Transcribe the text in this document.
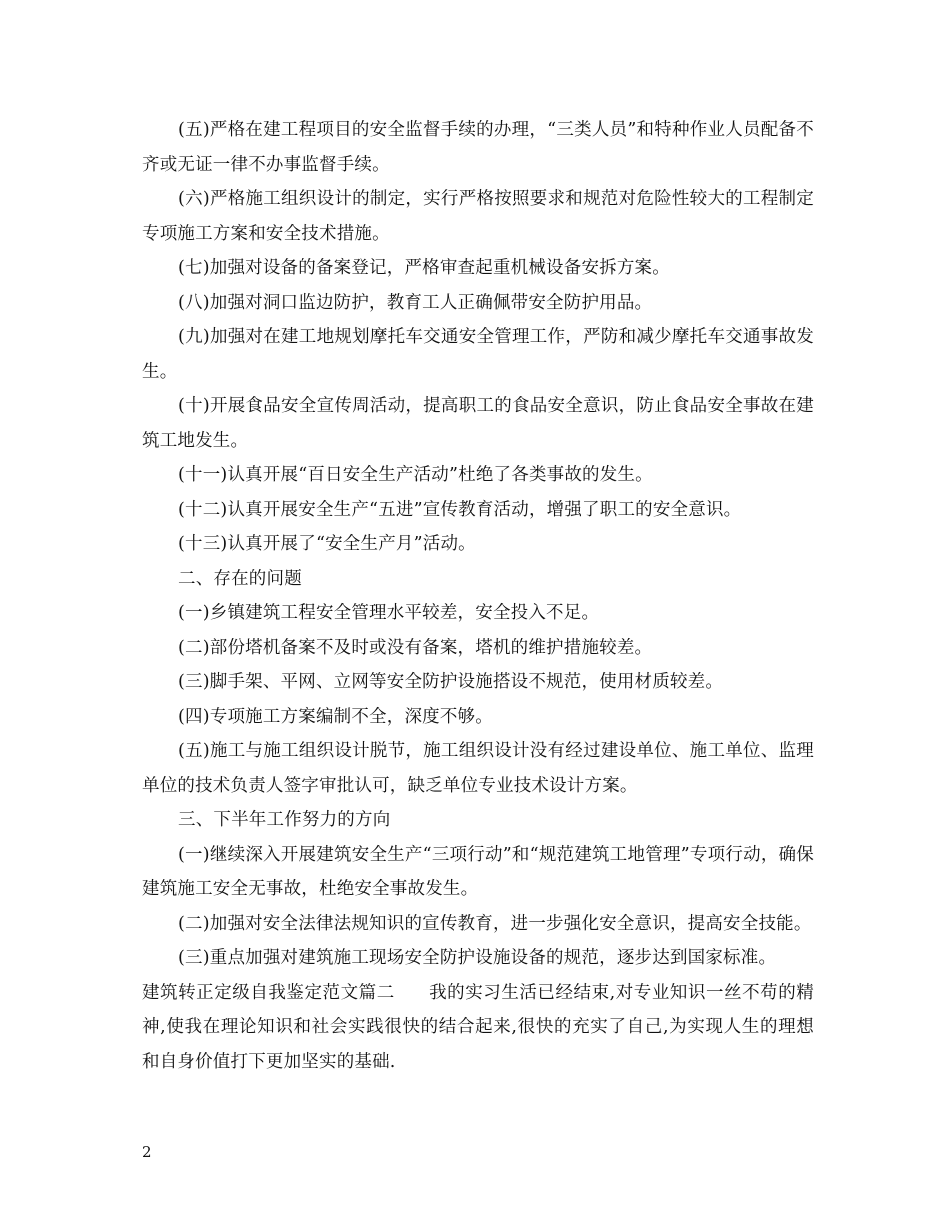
(五)严格在建工程项目的安全监督手续的办理，“三类人员”和特种作业人员配备不齐或无证一律不办事监督手续。

(六)严格施工组织设计的制定，实行严格按照要求和规范对危险性较大的工程制定专项施工方案和安全技术措施。

(七)加强对设备的备案登记，严格审查起重机械设备安拆方案。

(八)加强对洞口监边防护，教育工人正确佩带安全防护用品。

(九)加强对在建工地规划摩托车交通安全管理工作，严防和减少摩托车交通事故发生。

(十)开展食品安全宣传周活动，提高职工的食品安全意识，防止食品安全事故在建筑工地发生。

(十一)认真开展“百日安全生产活动”杜绝了各类事故的发生。

(十二)认真开展安全生产“五进”宣传教育活动，增强了职工的安全意识。

(十三)认真开展了“安全生产月”活动。

二、存在的问题

(一)乡镇建筑工程安全管理水平较差，安全投入不足。

(二)部份塔机备案不及时或没有备案，塔机的维护措施较差。

(三)脚手架、平网、立网等安全防护设施搭设不规范，使用材质较差。

(四)专项施工方案编制不全，深度不够。

(五)施工与施工组织设计脱节，施工组织设计没有经过建设单位、施工单位、监理单位的技术负责人签字审批认可，缺乏单位专业技术设计方案。

三、下半年工作努力的方向

(一)继续深入开展建筑安全生产“三项行动”和“规范建筑工地管理”专项行动，确保建筑施工安全无事故，杜绝安全事故发生。

(二)加强对安全法律法规知识的宣传教育，进一步强化安全意识，提高安全技能。

(三)重点加强对建筑施工现场安全防护设施设备的规范，逐步达到国家标准。

建筑转正定级自我鉴定范文篇二 我的实习生活已经结束,对专业知识一丝不苟的精神,使我在理论知识和社会实践很快的结合起来,很快的充实了自己,为实现人生的理想和自身价值打下更加坚实的基础.

2
